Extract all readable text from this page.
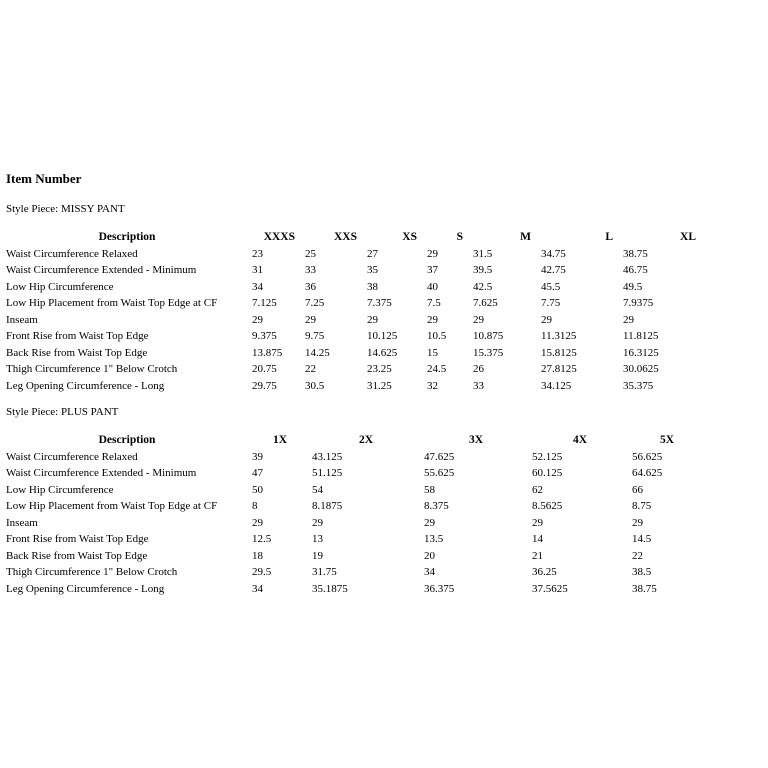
Item Number
Style Piece: MISSY PANT
Description	XXXS	XXS	XS	S	M	L	XL
Waist Circumference Relaxed	23	25	27	29	31.5	34.75	38.75
Waist Circumference Extended - Minimum	31	33	35	37	39.5	42.75	46.75
Low Hip Circumference	34	36	38	40	42.5	45.5	49.5
Low Hip Placement from Waist Top Edge at CF	7.125	7.25	7.375	7.5	7.625	7.75	7.9375
Inseam	29	29	29	29	29	29	29
Front Rise from Waist Top Edge	9.375	9.75	10.125	10.5	10.875	11.3125	11.8125
Back Rise from Waist Top Edge	13.875	14.25	14.625	15	15.375	15.8125	16.3125
Thigh Circumference 1" Below Crotch	20.75	22	23.25	24.5	26	27.8125	30.0625
Leg Opening Circumference - Long	29.75	30.5	31.25	32	33	34.125	35.375
Style Piece: PLUS PANT
Description	1X	2X	3X	4X	5X
Waist Circumference Relaxed	39	43.125	47.625	52.125	56.625
Waist Circumference Extended - Minimum	47	51.125	55.625	60.125	64.625
Low Hip Circumference	50	54	58	62	66
Low Hip Placement from Waist Top Edge at CF	8	8.1875	8.375	8.5625	8.75
Inseam	29	29	29	29	29
Front Rise from Waist Top Edge	12.5	13	13.5	14	14.5
Back Rise from Waist Top Edge	18	19	20	21	22
Thigh Circumference 1" Below Crotch	29.5	31.75	34	36.25	38.5
Leg Opening Circumference - Long	34	35.1875	36.375	37.5625	38.75
